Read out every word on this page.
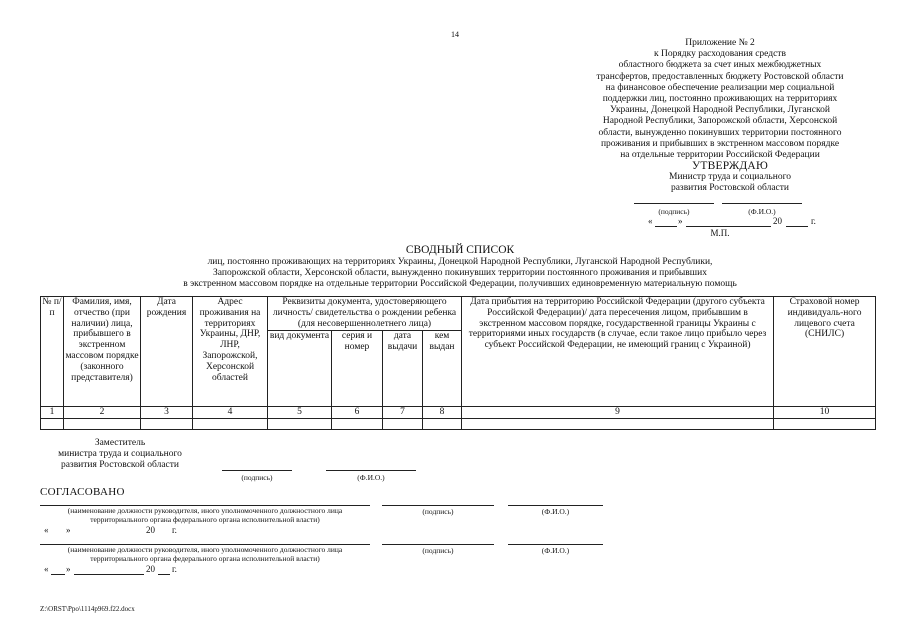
14
Приложение № 2
к Порядку расходования средств
областного бюджета за счет иных межбюджетных
трансфертов, предоставленных бюджету Ростовской области
на финансовое обеспечение реализации мер социальной
поддержки лиц, постоянно проживающих на территориях
Украины, Донецкой Народной Республики, Луганской
Народной Республики, Запорожской области, Херсонской
области, вынужденно покинувших территории постоянного
проживания и прибывших в экстренном массовом порядке
на отдельные территории Российской Федерации
УТВЕРЖДАЮ
Министр труда и социального
развития Ростовской области
(подпись)	(Ф.И.О.)
«	»	20	г.
М.П.
СВОДНЫЙ СПИСОК
лиц, постоянно проживающих на территориях Украины, Донецкой Народной Республики, Луганской Народной Республики,
Запорожской области, Херсонской области, вынужденно покинувших территории постоянного проживания и прибывших
в экстренном массовом порядке на отдельные территории Российской Федерации, получивших единовременную материальную помощь
№ п/п	Фамилия, имя, отчество (при наличии) лица, прибывшего в экстренном массовом порядке (законного представителя)	Дата рождения	Адрес проживания на территориях Украины, ДНР, ЛНР, Запорожской, Херсонской областей	Реквизиты документа, удостоверяющего личность/ свидетельства о рождении ребенка (для несовершеннолетнего лица)				Дата прибытия на территорию Российской Федерации (другого субъекта Российской Федерации)/ дата пересечения лицом, прибывшим в экстренном массовом порядке, государственной границы Украины с территориями иных государств (в случае, если такое лицо прибыло через субъект Российской Федерации, не имеющий границ с Украиной)	Страховой номер индивидуаль-ного лицевого счета (СНИЛС)
				вид документа	серия и номер	дата выдачи	кем выдан		
1	2	3	4	5	6	7	8	9	10

Заместитель
министра труда и социального
развития Ростовской области
(подпись)	(Ф.И.О.)
СОГЛАСОВАНО
(наименование должности руководителя, иного уполномоченного должностного лица
территориального органа федерального органа исполнительной власти)
(подпись)	(Ф.И.О.)
« »	20 г.
(наименование должности руководителя, иного уполномоченного должностного лица
территориального органа федерального органа исполнительной власти)
(подпись)	(Ф.И.О.)
« »	20 г.
Z:\ORST\Ppo\1114p969.f22.docx
